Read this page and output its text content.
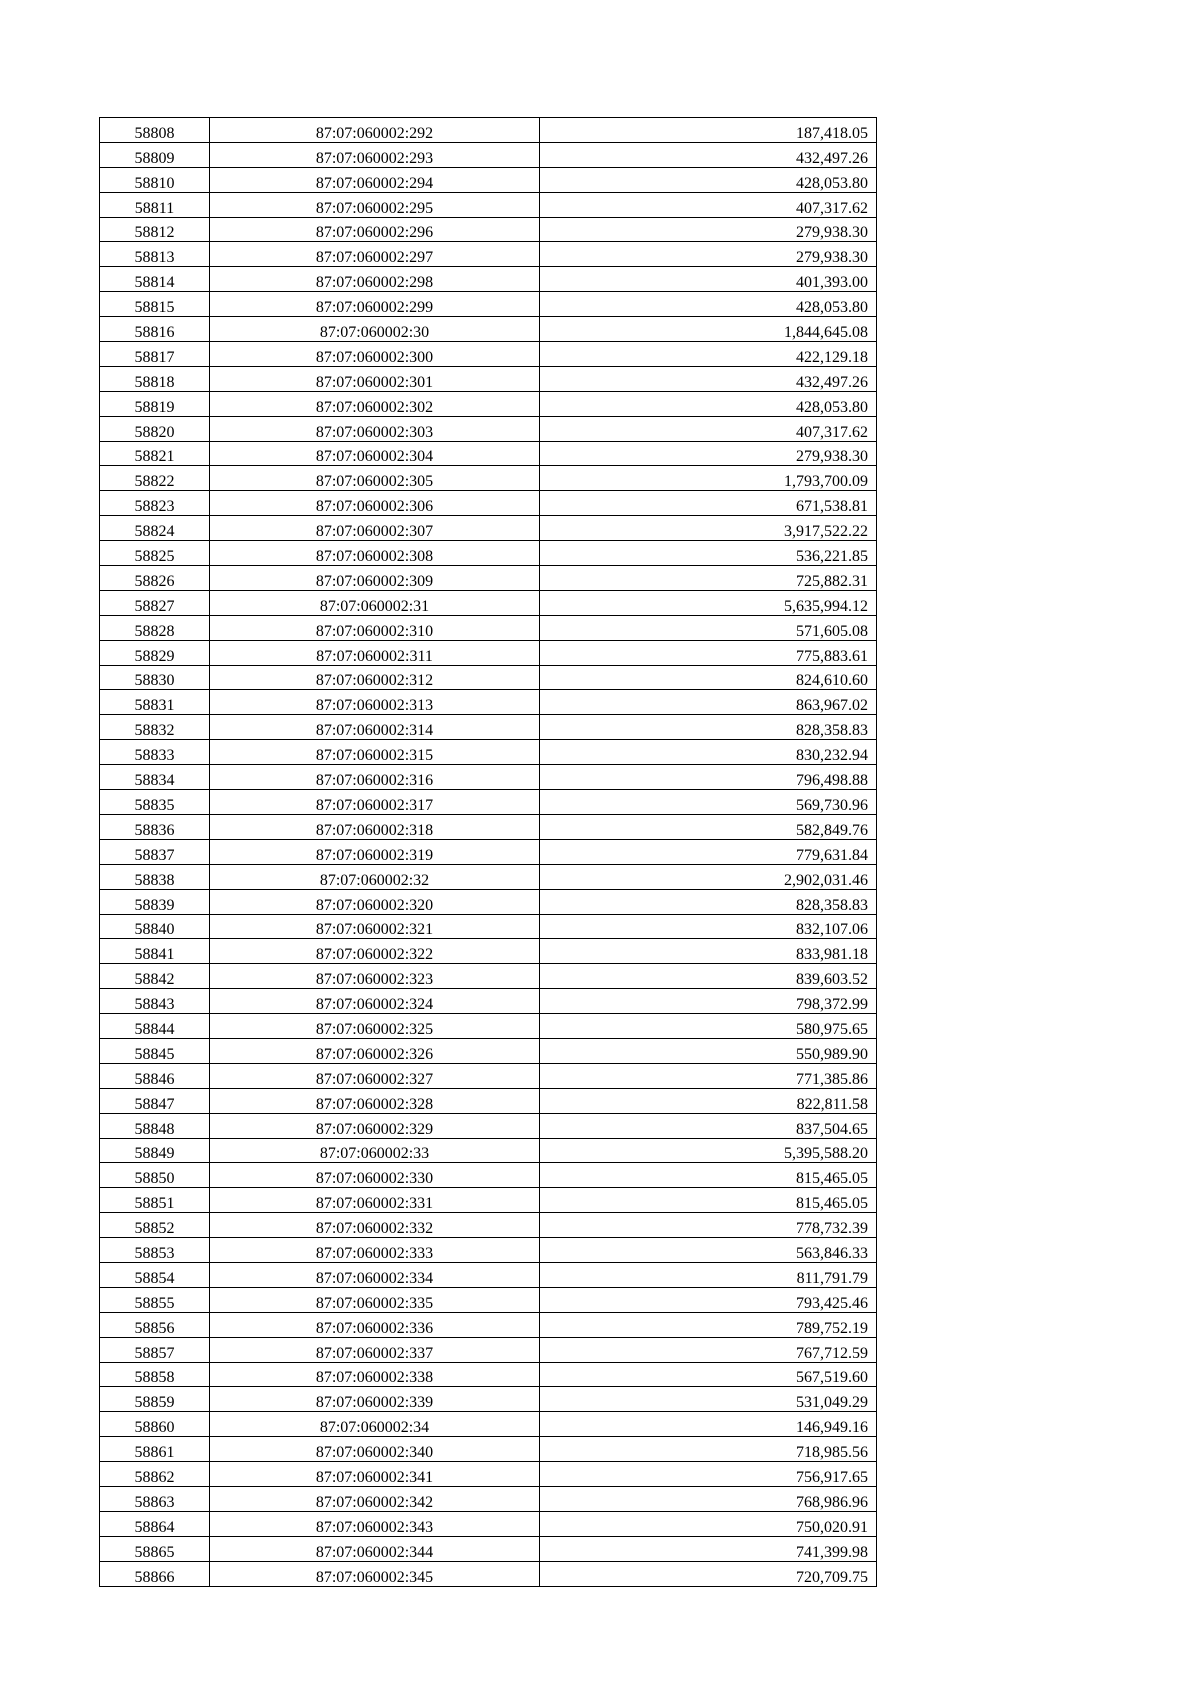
58808	87:07:060002:292	187,418.05
58809	87:07:060002:293	432,497.26
58810	87:07:060002:294	428,053.80
58811	87:07:060002:295	407,317.62
58812	87:07:060002:296	279,938.30
58813	87:07:060002:297	279,938.30
58814	87:07:060002:298	401,393.00
58815	87:07:060002:299	428,053.80
58816	87:07:060002:30	1,844,645.08
58817	87:07:060002:300	422,129.18
58818	87:07:060002:301	432,497.26
58819	87:07:060002:302	428,053.80
58820	87:07:060002:303	407,317.62
58821	87:07:060002:304	279,938.30
58822	87:07:060002:305	1,793,700.09
58823	87:07:060002:306	671,538.81
58824	87:07:060002:307	3,917,522.22
58825	87:07:060002:308	536,221.85
58826	87:07:060002:309	725,882.31
58827	87:07:060002:31	5,635,994.12
58828	87:07:060002:310	571,605.08
58829	87:07:060002:311	775,883.61
58830	87:07:060002:312	824,610.60
58831	87:07:060002:313	863,967.02
58832	87:07:060002:314	828,358.83
58833	87:07:060002:315	830,232.94
58834	87:07:060002:316	796,498.88
58835	87:07:060002:317	569,730.96
58836	87:07:060002:318	582,849.76
58837	87:07:060002:319	779,631.84
58838	87:07:060002:32	2,902,031.46
58839	87:07:060002:320	828,358.83
58840	87:07:060002:321	832,107.06
58841	87:07:060002:322	833,981.18
58842	87:07:060002:323	839,603.52
58843	87:07:060002:324	798,372.99
58844	87:07:060002:325	580,975.65
58845	87:07:060002:326	550,989.90
58846	87:07:060002:327	771,385.86
58847	87:07:060002:328	822,811.58
58848	87:07:060002:329	837,504.65
58849	87:07:060002:33	5,395,588.20
58850	87:07:060002:330	815,465.05
58851	87:07:060002:331	815,465.05
58852	87:07:060002:332	778,732.39
58853	87:07:060002:333	563,846.33
58854	87:07:060002:334	811,791.79
58855	87:07:060002:335	793,425.46
58856	87:07:060002:336	789,752.19
58857	87:07:060002:337	767,712.59
58858	87:07:060002:338	567,519.60
58859	87:07:060002:339	531,049.29
58860	87:07:060002:34	146,949.16
58861	87:07:060002:340	718,985.56
58862	87:07:060002:341	756,917.65
58863	87:07:060002:342	768,986.96
58864	87:07:060002:343	750,020.91
58865	87:07:060002:344	741,399.98
58866	87:07:060002:345	720,709.75
